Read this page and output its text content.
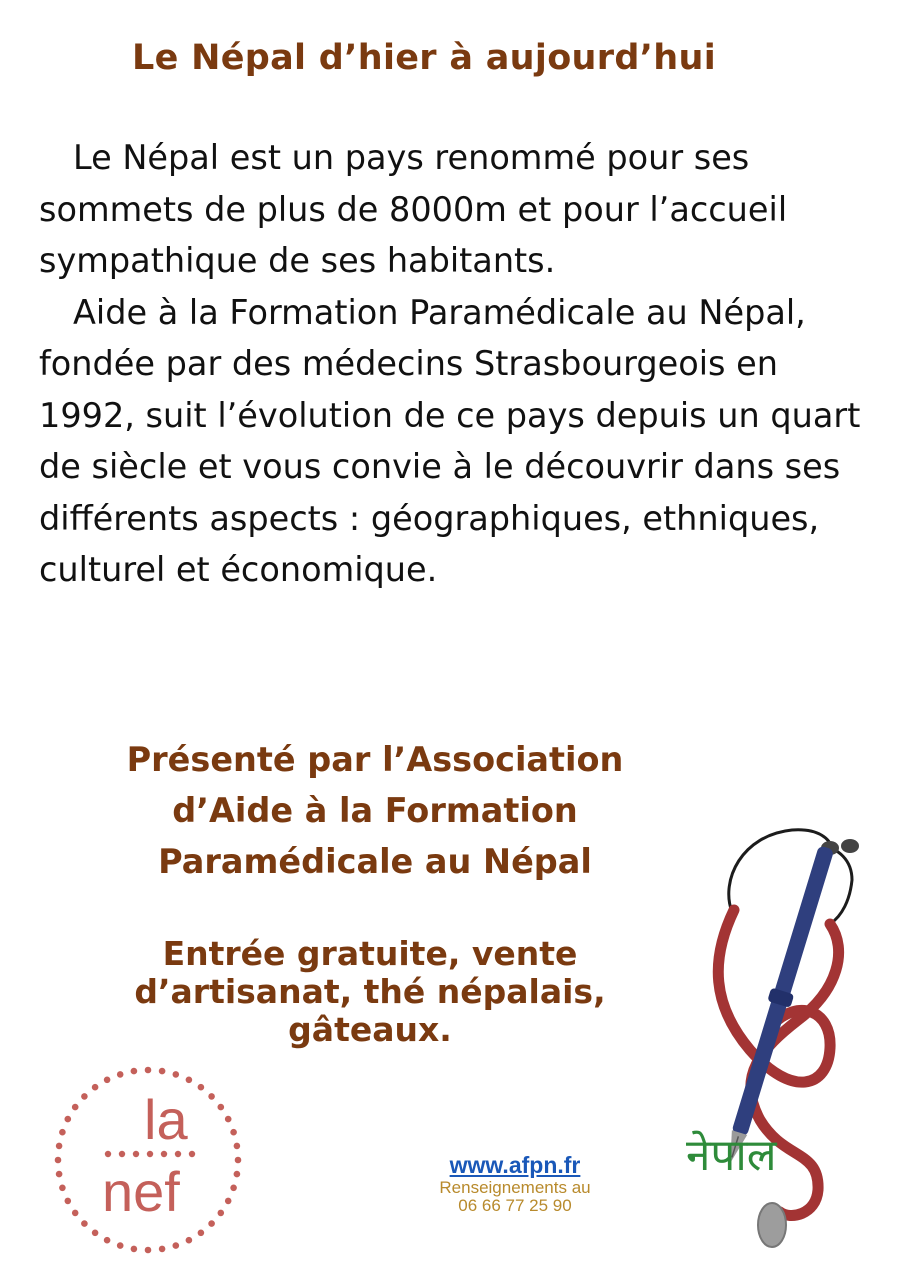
Le Népal d’hier à aujourd’hui

Le Népal est un pays renommé pour ses sommets de plus de 8000m et pour l’accueil sympathique de ses habitants.

Aide à la Formation Paramédicale au Népal, fondée par des médecins Strasbourgeois en 1992, suit l’évolution de ce pays depuis un quart de siècle et vous convie à le découvrir dans ses différents aspects : géographiques, ethniques, culturel et économique.

Présenté par l’Association
d’Aide à la Formation
Paramédicale au Népal
Entrée gratuite, vente
d’artisanat, thé népalais,
gâteaux.
la
nef	www.afpn.fr
Renseignements au
06 66 77 25 90
नेपाल
